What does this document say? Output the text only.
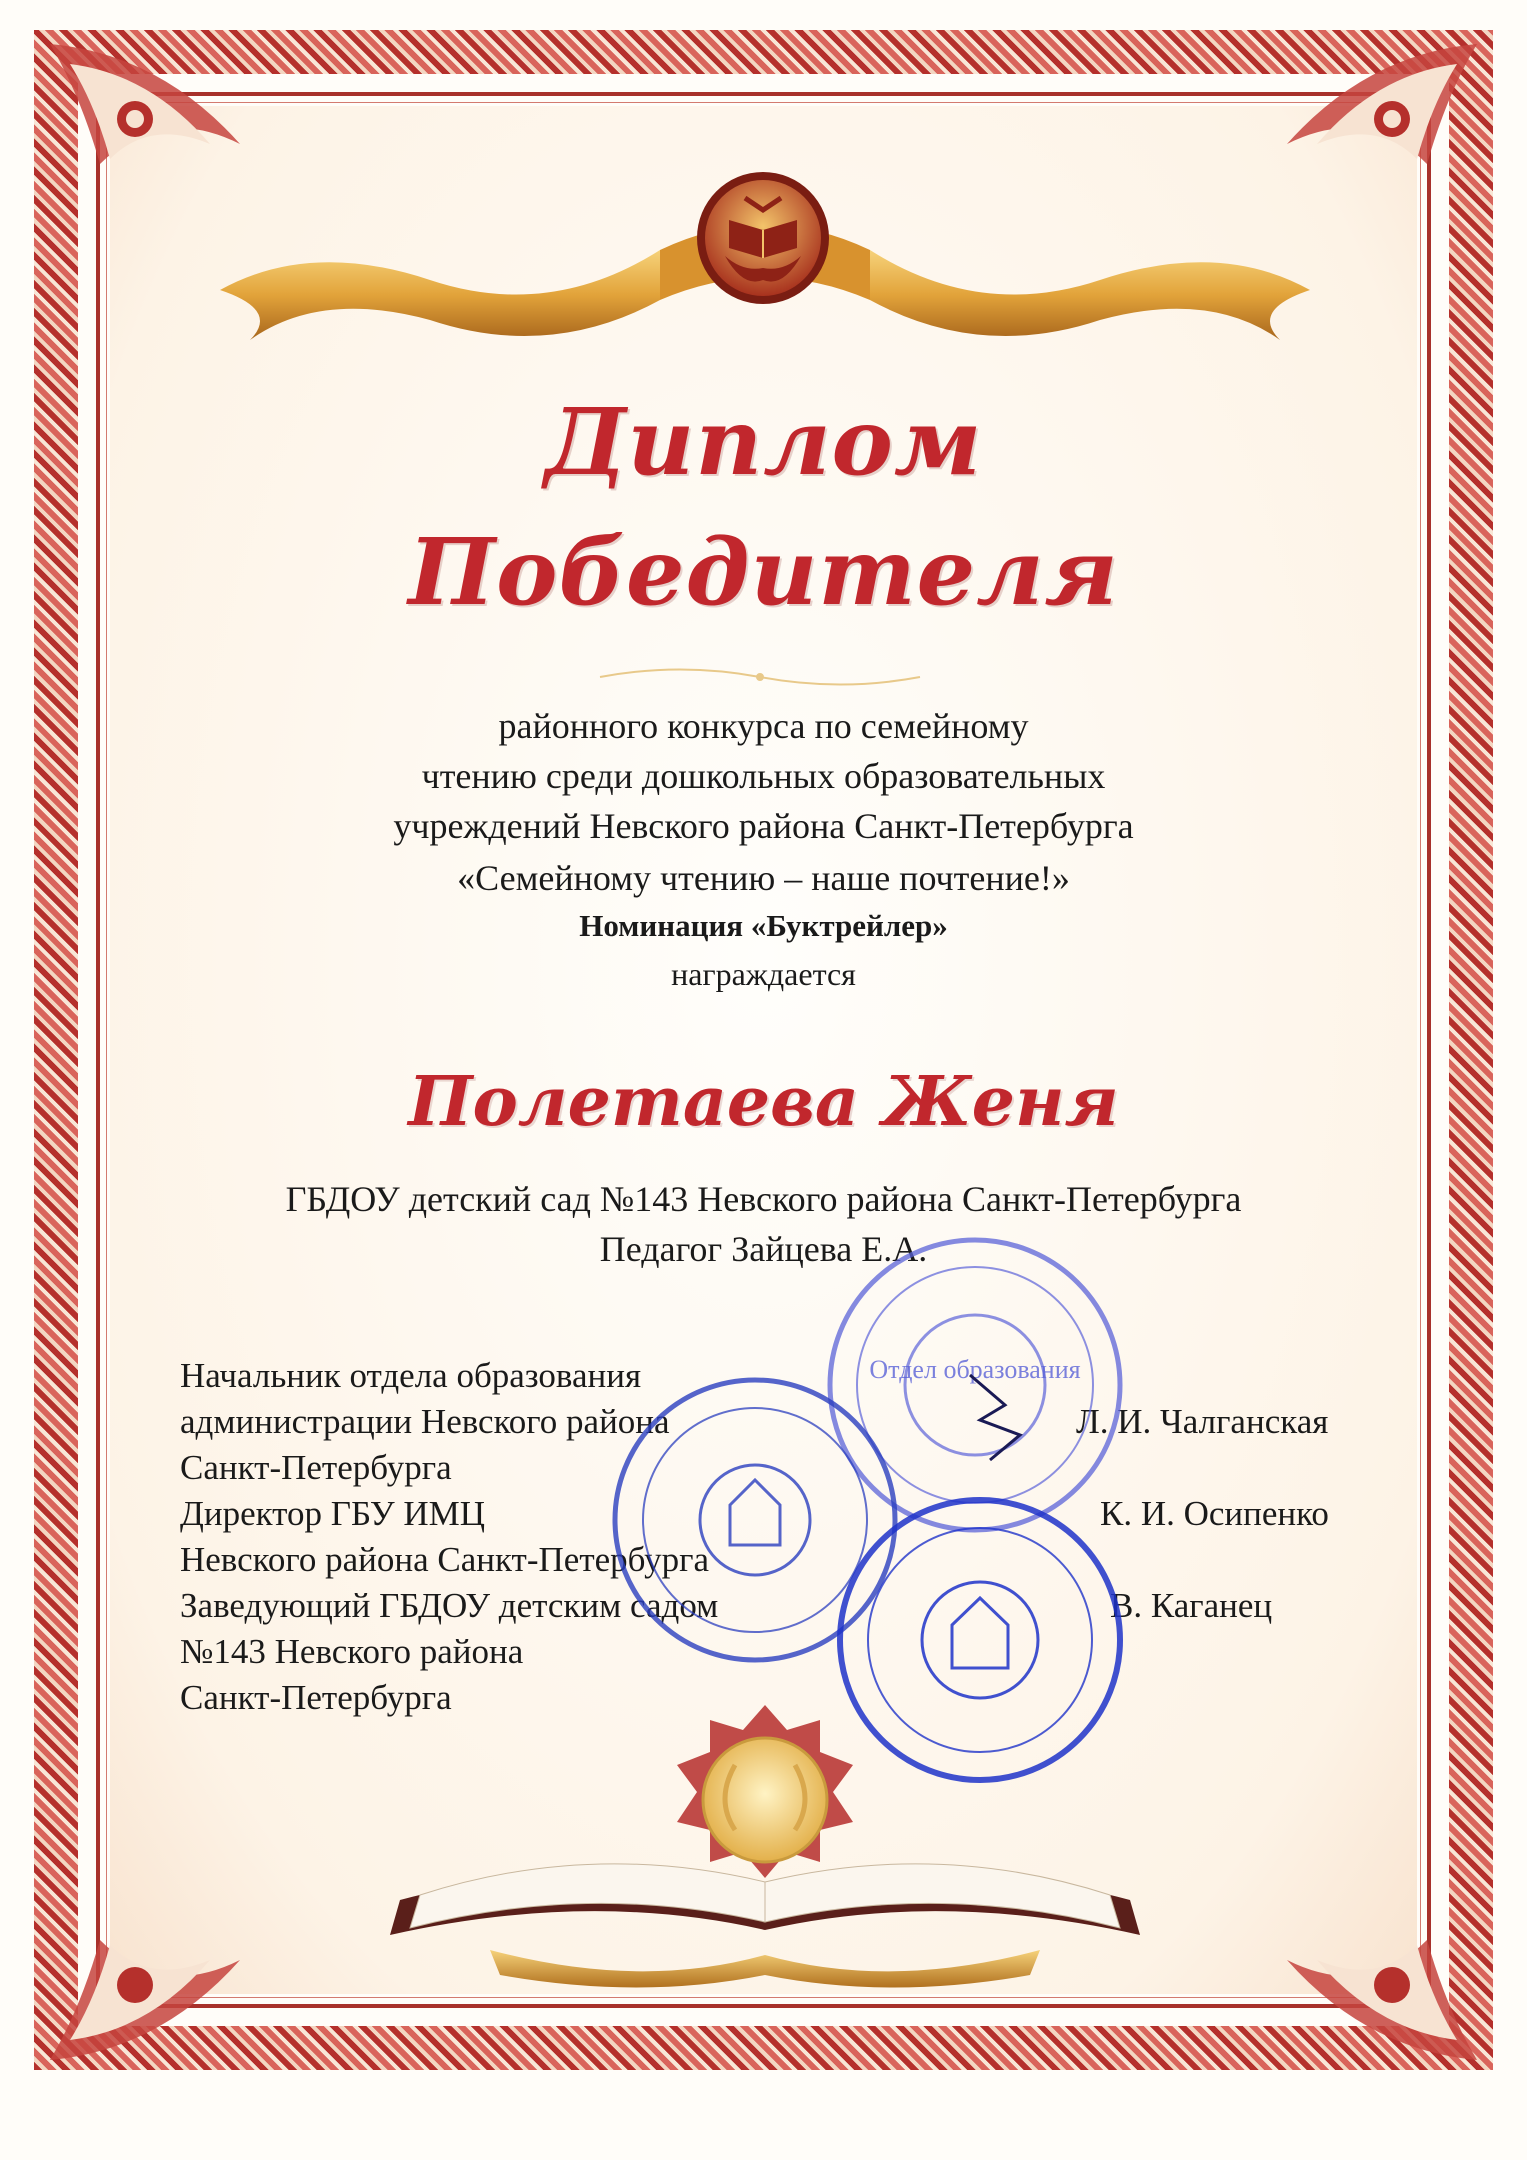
Диплом
Победителя
районного конкурса по семейному
чтению среди дошкольных образовательных
учреждений Невского района Санкт-Петербурга
«Семейному чтению – наше почтение!»
Номинация «Буктрейлер»
награждается
Полетаева Женя
ГБДОУ детский сад №143 Невского района Санкт-Петербурга
Педагог Зайцева Е.А.
Начальник отдела образования
администрации Невского района
Санкт-Петербурга
Директор ГБУ ИМЦ
Невского района Санкт-Петербурга
Заведующий ГБДОУ детским садом
№143 Невского района
Санкт-Петербурга
Л. И. Чалганская
К. И. Осипенко
В. Каганец
Отдел образования
